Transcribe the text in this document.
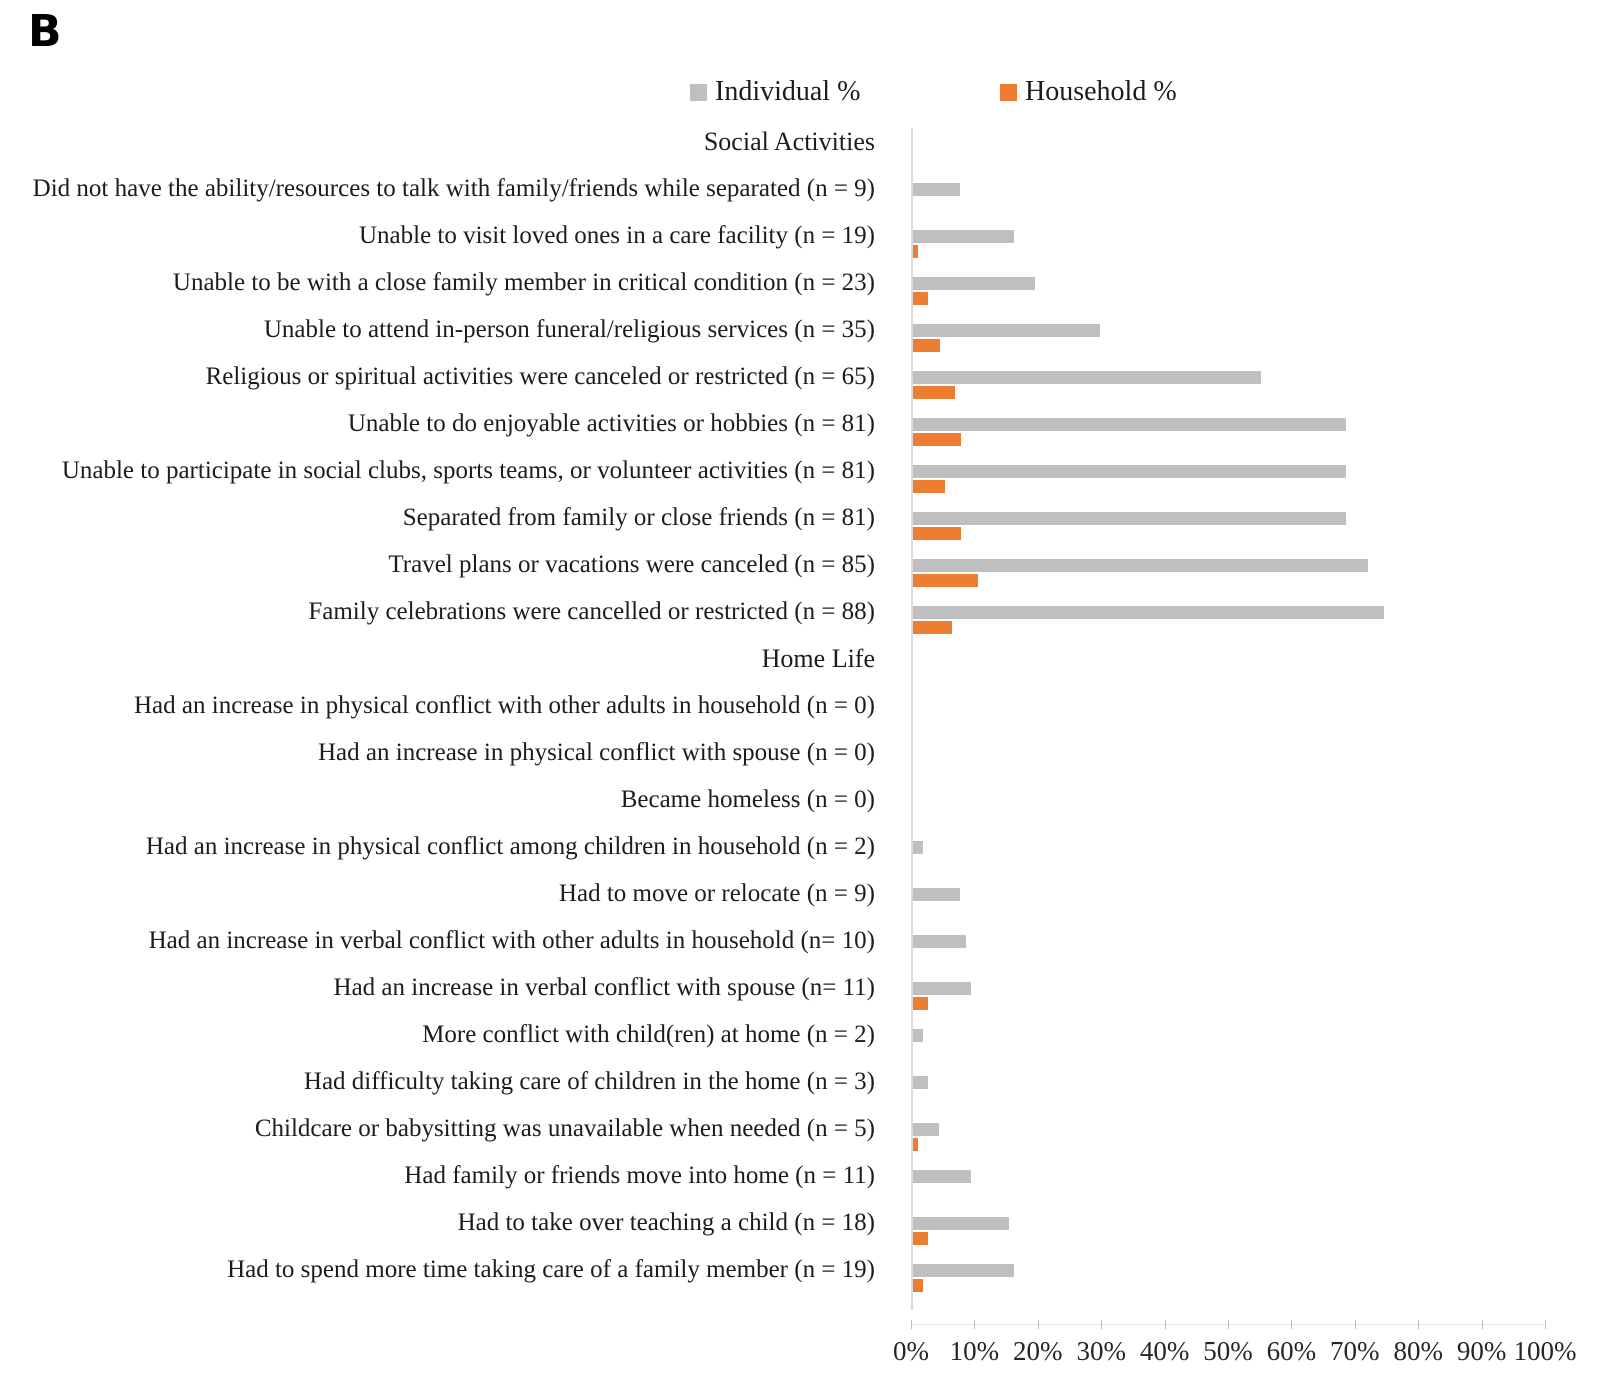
B
Individual %	Household %
Social Activities
Did not have the ability/resources to talk with family/friends while separated (n = 9)
Unable to visit loved ones in a care facility (n = 19)
Unable to be with a close family member in critical condition (n = 23)
Unable to attend in-person funeral/religious services (n = 35)
Religious or spiritual activities were canceled or restricted (n = 65)
Unable to do enjoyable activities or hobbies (n = 81)
Unable to participate in social clubs, sports teams, or volunteer activities (n = 81)
Separated from family or close friends (n = 81)
Travel plans or vacations were canceled (n = 85)
Family celebrations were cancelled or restricted (n = 88)
Home Life
Had an increase in physical conflict with other adults in household (n = 0)
Had an increase in physical conflict with spouse (n = 0)
Became homeless (n = 0)
Had an increase in physical conflict among children in household (n = 2)
Had to move or relocate (n = 9)
Had an increase in verbal conflict with other adults in household (n= 10)
Had an increase in verbal conflict with spouse (n= 11)
More conflict with child(ren) at home (n = 2)
Had difficulty taking care of children in the home (n = 3)
Childcare or babysitting was unavailable when needed (n = 5)
Had family or friends move into home (n = 11)
Had to take over teaching a child (n = 18)
Had to spend more time taking care of a family member (n = 19)
0% 10% 20% 30% 40% 50% 60% 70% 80% 90% 100%
